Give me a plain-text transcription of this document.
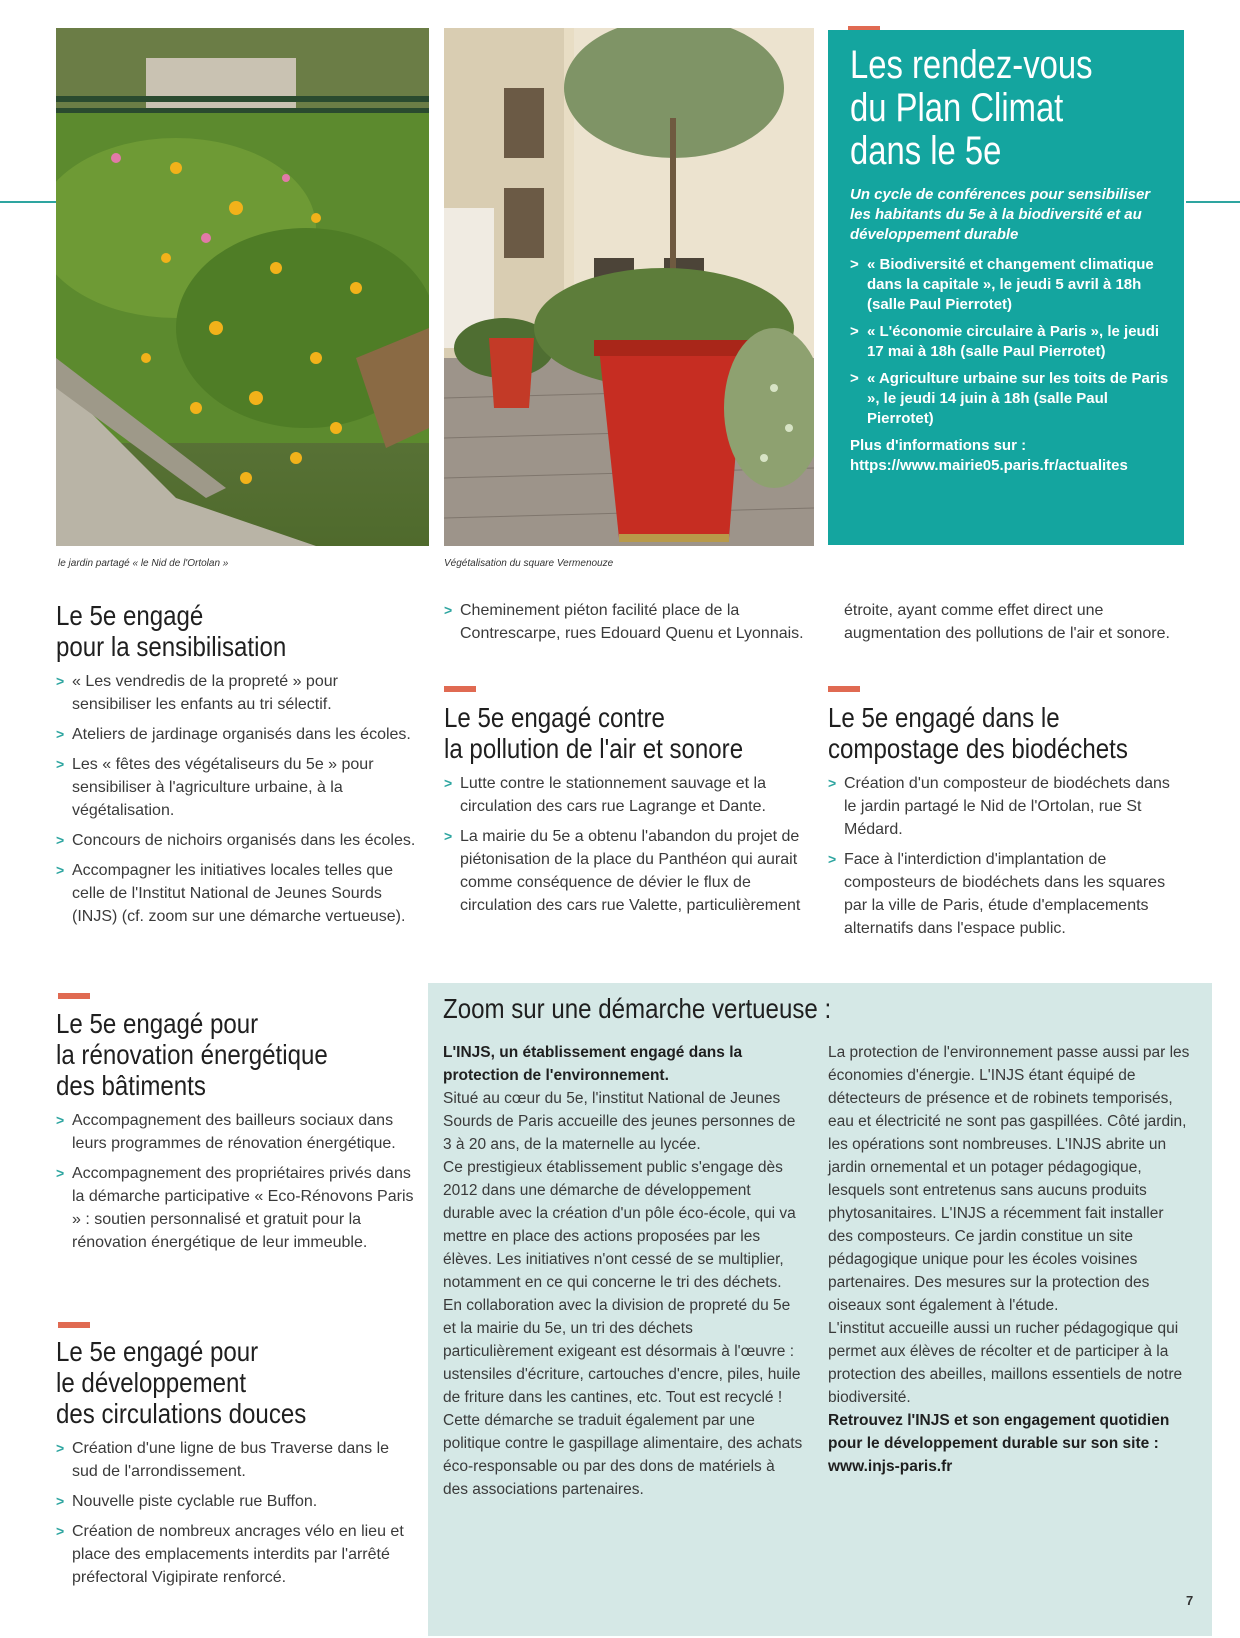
le jardin partagé « le Nid de l'Ortolan »	Végétalisation du square Vermenouze
Les rendez-vous
du Plan Climat
dans le 5e

Un cycle de conférences pour sensibiliser les habitants du 5e à la biodiversité et au développement durable

> « Biodiversité et changement climatique dans la capitale », le jeudi 5 avril à 18h (salle Paul Pierrotet)
> « L'économie circulaire à Paris », le jeudi 17 mai à 18h (salle Paul Pierrotet)
> « Agriculture urbaine sur les toits de Paris », le jeudi 14 juin à 18h (salle Paul Pierrotet)

Plus d'informations sur : https://www.mairie05.paris.fr/actualites

Le 5e engagé
pour la sensibilisation
> « Les vendredis de la propreté » pour sensibiliser les enfants au tri sélectif.
> Ateliers de jardinage organisés dans les écoles.
> Les « fêtes des végétaliseurs du 5e » pour sensibiliser à l'agriculture urbaine, à la végétalisation.
> Concours de nichoirs organisés dans les écoles.
> Accompagner les initiatives locales telles que celle de l'Institut National de Jeunes Sourds (INJS) (cf. zoom sur une démarche vertueuse).
Le 5e engagé pour
la rénovation énergétique
des bâtiments
> Accompagnement des bailleurs sociaux dans leurs programmes de rénovation énergétique.
> Accompagnement des propriétaires privés dans la démarche participative « Eco-Rénovons Paris » : soutien personnalisé et gratuit pour la rénovation énergétique de leur immeuble.
Le 5e engagé pour
le développement
des circulations douces
> Création d'une ligne de bus Traverse dans le sud de l'arrondissement.
> Nouvelle piste cyclable rue Buffon.
> Création de nombreux ancrages vélo en lieu et place des emplacements interdits par l'arrêté préfectoral Vigipirate renforcé.
> Cheminement piéton facilité place de la Contrescarpe, rues Edouard Quenu et Lyonnais.
Le 5e engagé contre
la pollution de l'air et sonore
> Lutte contre le stationnement sauvage et la circulation des cars rue Lagrange et Dante.
> La mairie du 5e a obtenu l'abandon du projet de piétonisation de la place du Panthéon qui aurait comme conséquence de dévier le flux de circulation des cars rue Valette, particulièrement

étroite, ayant comme effet direct une augmentation des pollutions de l'air et sonore.

Le 5e engagé dans le
compostage des biodéchets
> Création d'un composteur de biodéchets dans le jardin partagé le Nid de l'Ortolan, rue St Médard.
> Face à l'interdiction d'implantation de composteurs de biodéchets dans les squares par la ville de Paris, étude d'emplacements alternatifs dans l'espace public.
Zoom sur une démarche vertueuse :

L'INJS, un établissement engagé dans la protection de l'environnement.

Situé au cœur du 5e, l'institut National de Jeunes Sourds de Paris accueille des jeunes personnes de 3 à 20 ans, de la maternelle au lycée.

Ce prestigieux établissement public s'engage dès 2012 dans une démarche de développement durable avec la création d'un pôle éco-école, qui va mettre en place des actions proposées par les élèves. Les initiatives n'ont cessé de se multiplier, notamment en ce qui concerne le tri des déchets. En collaboration avec la division de propreté du 5e et la mairie du 5e, un tri des déchets particulièrement exigeant est désormais à l'œuvre : ustensiles d'écriture, cartouches d'encre, piles, huile de friture dans les cantines, etc. Tout est recyclé !

Cette démarche se traduit également par une politique contre le gaspillage alimentaire, des achats éco-responsable ou par des dons de matériels à des associations partenaires.

La protection de l'environnement passe aussi par les économies d'énergie. L'INJS étant équipé de détecteurs de présence et de robinets temporisés, eau et électricité ne sont pas gaspillées. Côté jardin, les opérations sont nombreuses. L'INJS abrite un jardin ornemental et un potager pédagogique, lesquels sont entretenus sans aucuns produits phytosanitaires. L'INJS a récemment fait installer des composteurs. Ce jardin constitue un site pédagogique unique pour les écoles voisines partenaires. Des mesures sur la protection des oiseaux sont également à l'étude.

L'institut accueille aussi un rucher pédagogique qui permet aux élèves de récolter et de participer à la protection des abeilles, maillons essentiels de notre biodiversité.

Retrouvez l'INJS et son engagement quotidien pour le développement durable sur son site : www.injs-paris.fr

7
